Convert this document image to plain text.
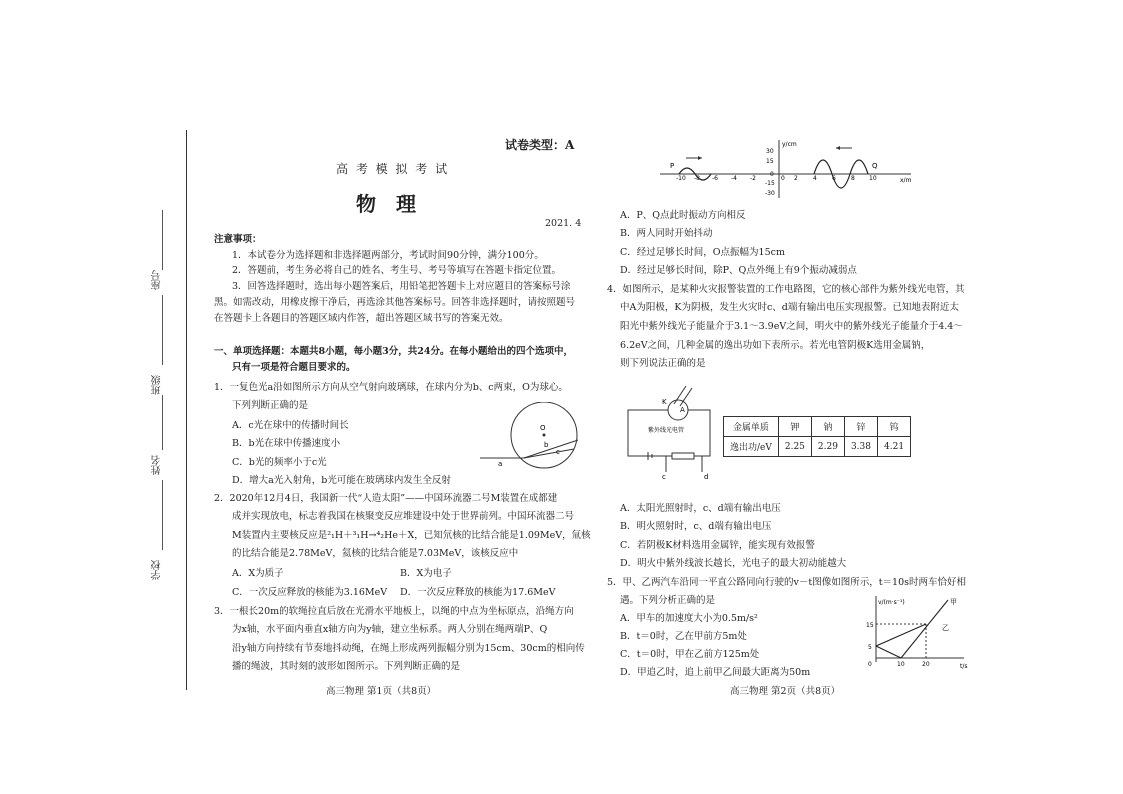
座号
班级
姓名
学校
试卷类型：A
高 考 模 拟 考 试
物　理
2021. 4
注意事项：
1．本试卷分为选择题和非选择题两部分，考试时间90分钟，满分100分。
2．答题前，考生务必将自己的姓名、考生号、考号等填写在答题卡指定位置。
3．回答选择题时，选出每小题答案后，用铅笔把答题卡上对应题目的答案标号涂
黑。如需改动，用橡皮擦干净后，再选涂其他答案标号。回答非选择题时，请按照题号
在答题卡上各题目的答题区域内作答，超出答题区域书写的答案无效。
一、单项选择题：本题共8小题，每小题3分，共24分。在每小题给出的四个选项中，
只有一项是符合题目要求的。
1．一复色光a沿如图所示方向从空气射向玻璃球，在球内分为b、c两束，O为球心。
下列判断正确的是
A．c光在球中的传播时间长
B．b光在球中传播速度小
C．b光的频率小于c光
D．增大a光入射角，b光可能在玻璃球内发生全反射
O
b
c
a
2．2020年12月4日，我国新一代“人造太阳”——中国环流器二号M装置在成都建
成并实现放电，标志着我国在核聚变反应堆建设中处于世界前列。中国环流器二号
M装置内主要核反应是²₁H＋³₁H→⁴₂He＋X，已知氘核的比结合能是1.09MeV，氚核
的比结合能是2.78MeV，氦核的比结合能是7.03MeV，该核反应中
A．X为质子	B．X为电子
C．一次反应释放的核能为3.16MeV D．一次反应释放的核能为17.6MeV
3．一根长20m的软绳拉直后放在光滑水平地板上，以绳的中点为坐标原点，沿绳方向
为x轴，水平面内垂直x轴方向为y轴，建立坐标系。两人分别在绳两端P、Q
沿y轴方向持续有节奏地抖动绳，在绳上形成两列振幅分别为15cm、30cm的相向传
播的绳波，其时刻的波形如图所示。下列判断正确的是
高三物理 第1页（共8页）
y/cm
x/m
30
15
0
-15
-30
-10 -8 -6 -4 -2	0 2	4	6	8 10
P	Q
A．P、Q点此时振动方向相反
B．两人同时开始抖动
C．经过足够长时间，O点振幅为15cm
D．经过足够长时间，除P、Q点外绳上有9个振动减弱点
4．如图所示，是某种火灾报警装置的工作电路图，它的核心部件为紫外线光电管，其
中A为阳极，K为阴极，发生火灾时c、d端有输出电压实现报警。已知地表附近太
阳光中紫外线光子能量介于3.1～3.9eV之间，明火中的紫外线光子能量介于4.4～
6.2eV之间，几种金属的逸出功如下表所示。若光电管阴极K选用金属钠，
则下列说法正确的是
K
A
紫外线光电管
c	d
金属单质	钾	钠	锌	钨
逸出功/eV	2.25	2.29	3.38	4.21
A．太阳光照射时，c、d端有输出电压
B．明火照射时，c、d端有输出电压
C．若阴极K材料选用金属锌，能实现有效报警
D．明火中紫外线波长越长，光电子的最大初动能越大
5．甲、乙两汽车沿同一平直公路同向行驶的v－t图像如图所示，t＝10s时两车恰好相
遇。下列分析正确的是
A．甲车的加速度大小为0.5m/s²
B．t＝0时，乙在甲前方5m处
C．t＝0时，甲在乙前方125m处
D．甲追乙时，追上前甲乙间最大距离为50m
v/(m·s⁻¹)
t/s
甲
乙
15
5
0	10	20
高三物理 第2页（共8页）
